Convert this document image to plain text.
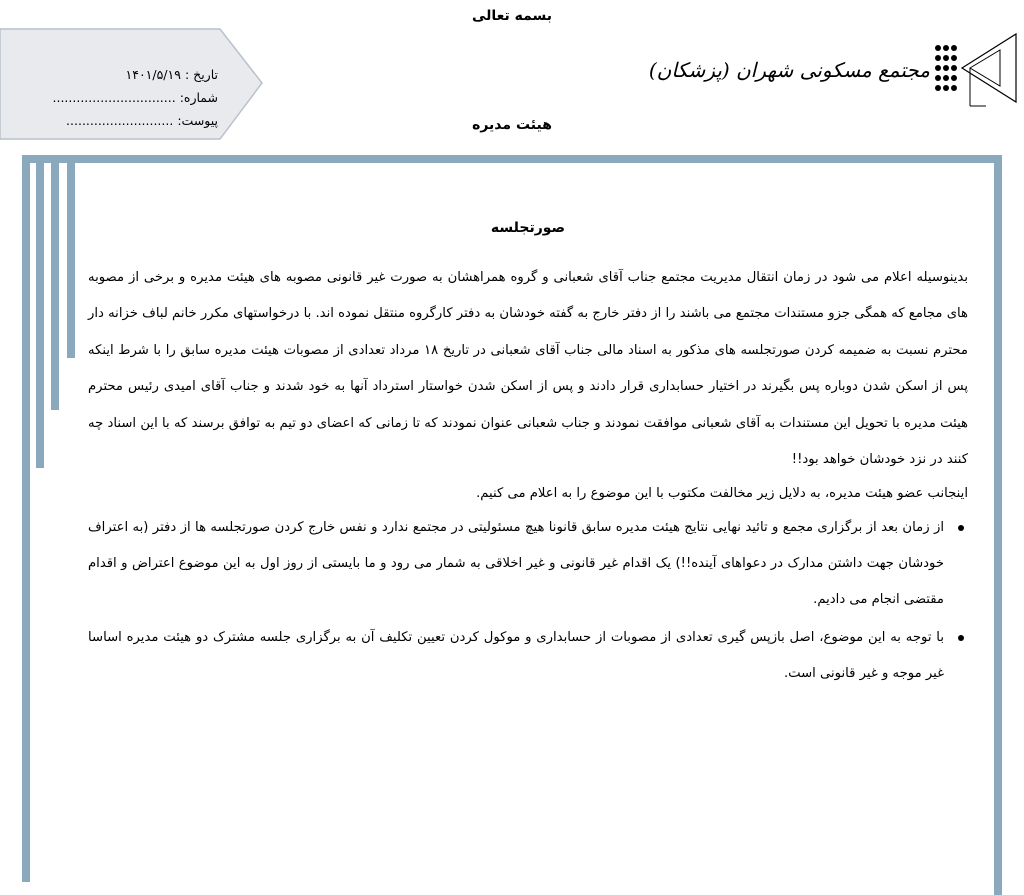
بسمه تعالی
تاریخ : ۱۴۰۱/۵/۱۹
شماره: ...............................
پیوست: ...........................
مجتمع مسکونی شهران (پزشکان)
هیئت مدیره
صورتجلسه

بدینوسیله اعلام می شود در زمان انتقال مدیریت مجتمع جناب آقای شعبانی و گروه همراهشان به صورت غیر قانونی مصوبه های هیئت مدیره و برخی از مصوبه های مجامع که همگی جزو مستندات مجتمع می باشند را از دفتر خارج به گفته خودشان به دفتر کارگروه منتقل نموده اند. با درخواستهای مکرر خانم لباف خزانه دار محترم نسبت به ضمیمه کردن صورتجلسه های مذکور به اسناد مالی جناب آقای شعبانی در تاریخ ۱۸ مرداد تعدادی از مصوبات هیئت مدیره سابق را با شرط اینکه پس از اسکن شدن دوباره پس بگیرند در اختیار حسابداری قرار دادند و پس از اسکن شدن خواستار استرداد آنها به خود شدند و جناب آقای امیدی رئیس محترم هیئت مدیره با تحویل این مستندات به آقای شعبانی موافقت نمودند و جناب شعبانی عنوان نمودند که تا زمانی که اعضای دو تیم به توافق برسند که با این اسناد چه کنند در نزد خودشان خواهد بود!!

اینجانب عضو هیئت مدیره، به دلایل زیر مخالفت مکتوب با این موضوع را به اعلام می کنیم.

از زمان بعد از برگزاری مجمع و تائید نهایی نتایج هیئت مدیره سابق قانونا هیچ مسئولیتی در مجتمع ندارد و نفس خارج کردن صورتجلسه ها از دفتر (به اعتراف خودشان جهت داشتن مدارک در دعواهای آینده!!) یک اقدام غیر قانونی و غیر اخلاقی به شمار می رود و ما بایستی از روز اول به این موضوع اعتراض و اقدام مقتضی انجام می دادیم.
با توجه به این موضوع، اصل بازپس گیری تعدادی از مصوبات از حسابداری و موکول کردن تعیین تکلیف آن به برگزاری جلسه مشترک دو هیئت مدیره اساسا غیر موجه و غیر قانونی است.
